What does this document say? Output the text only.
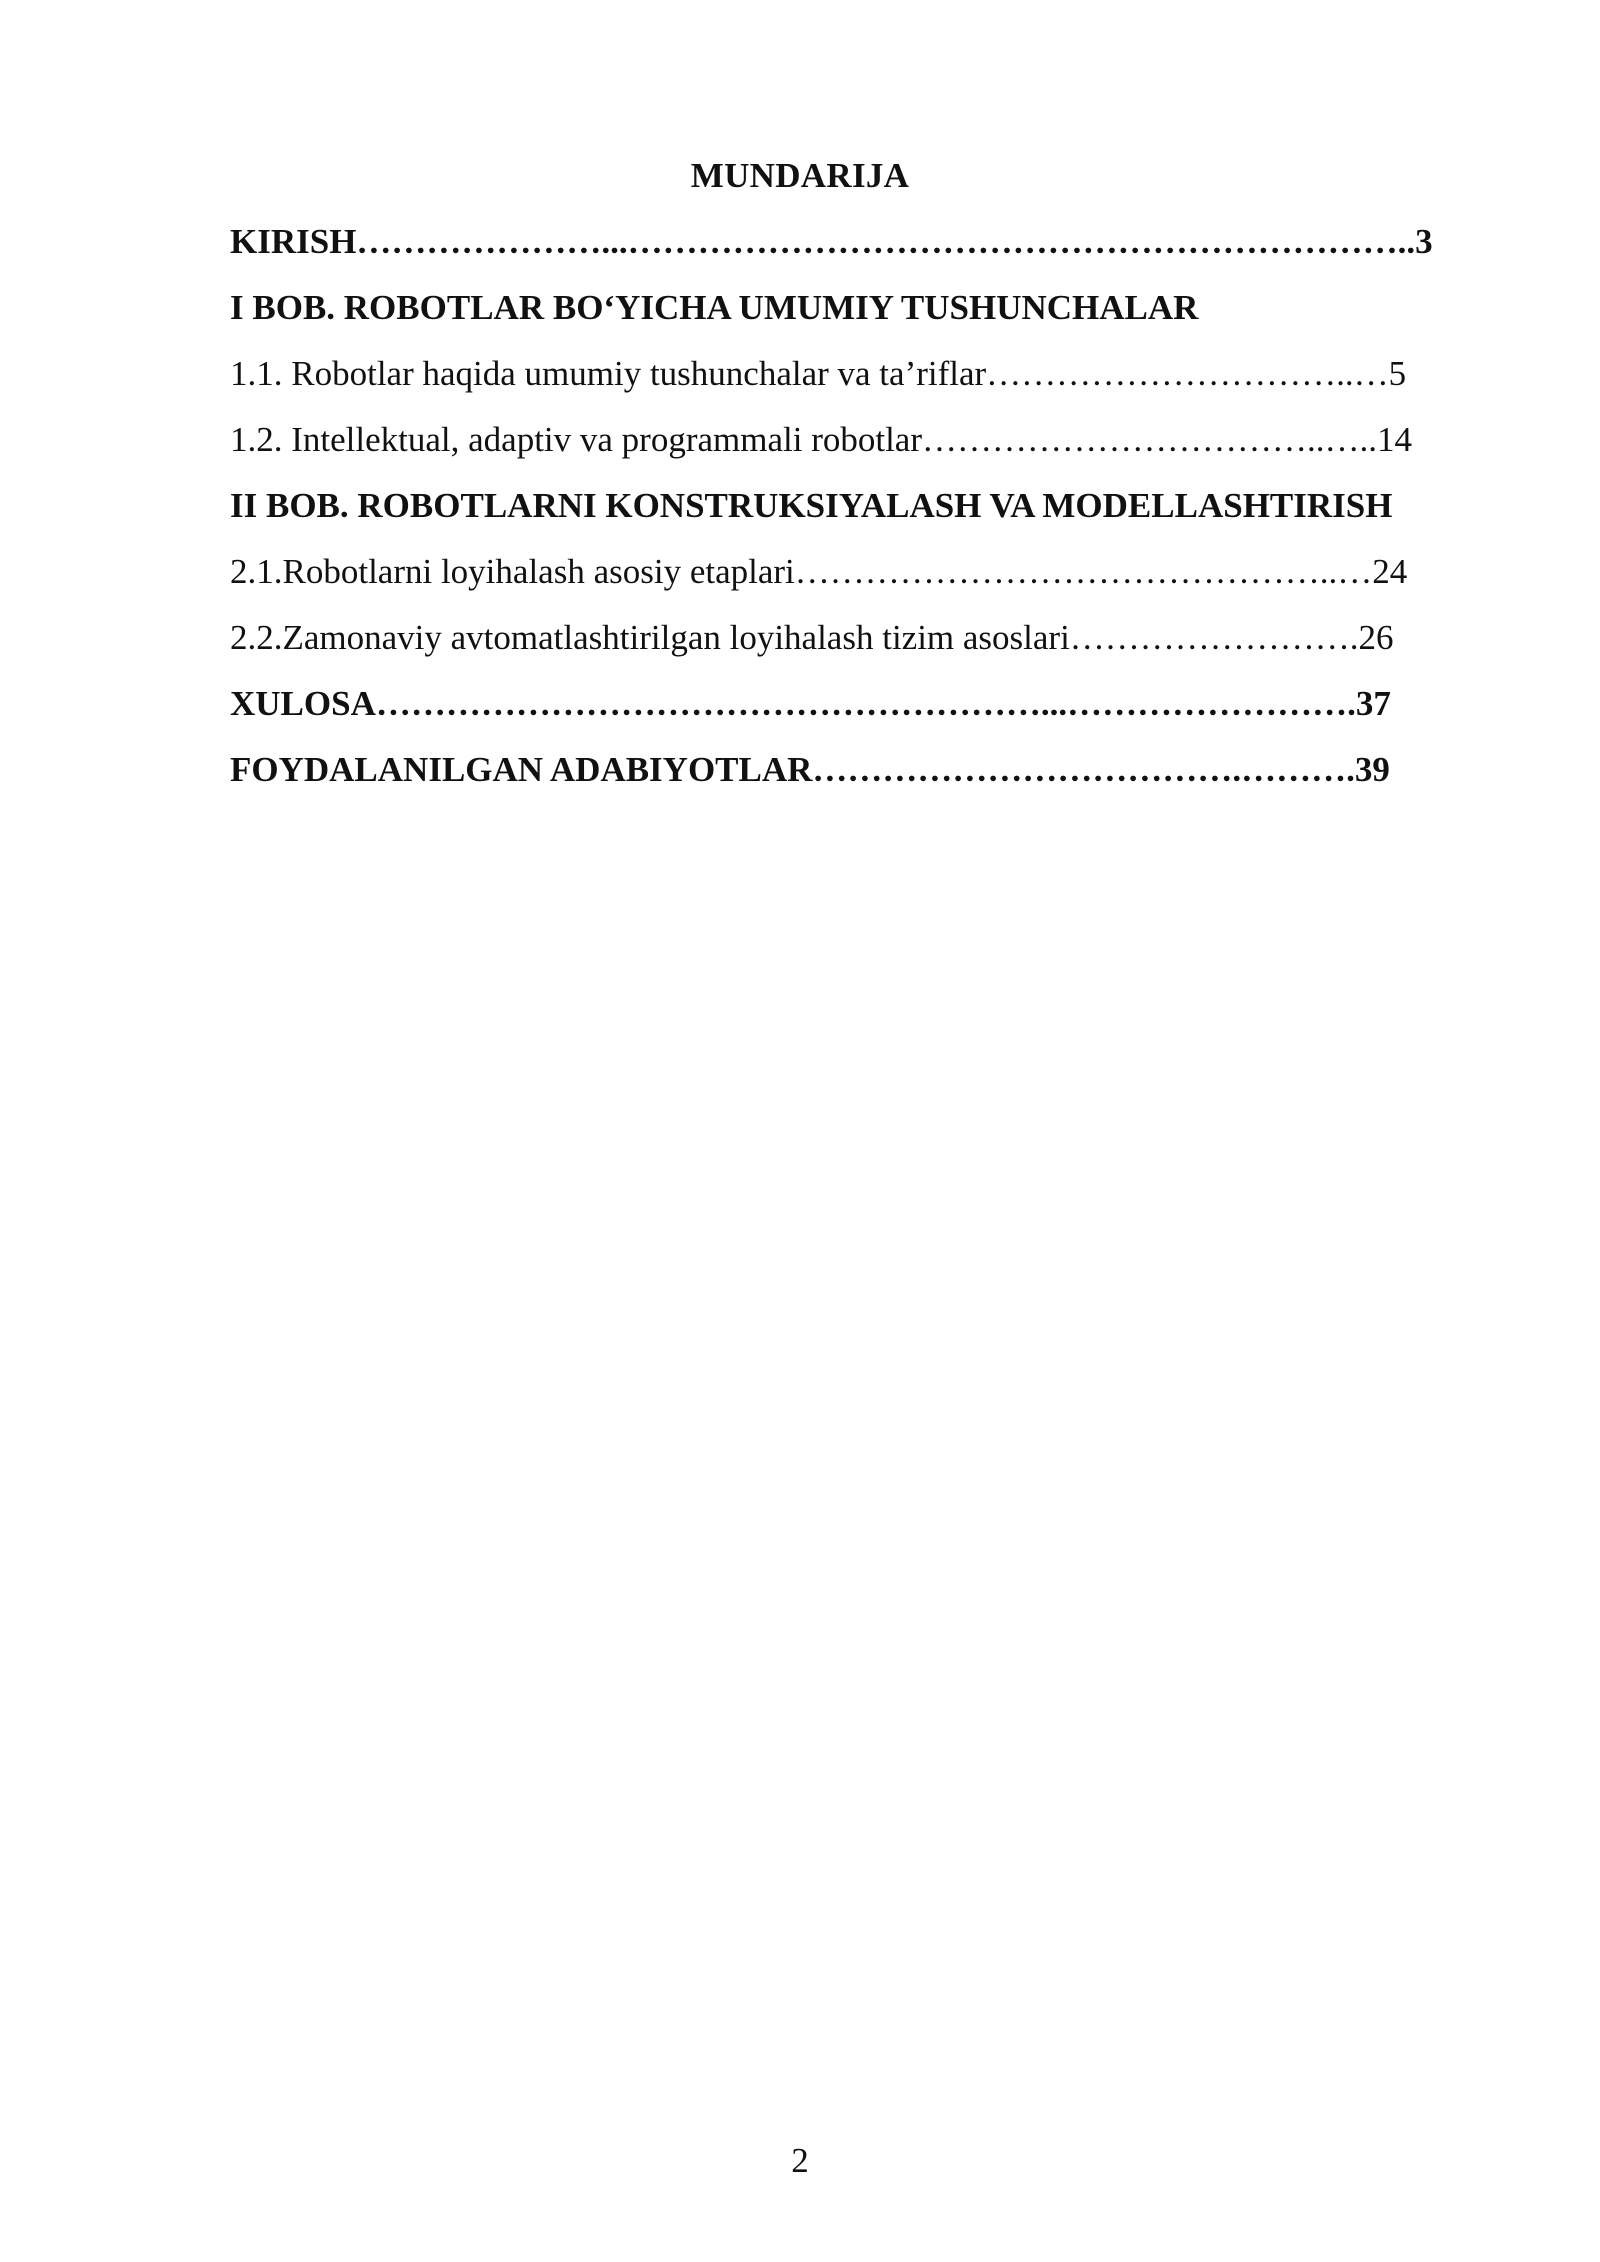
MUNDARIJA
KIRISH…………………...…………………………………………………………..3
I BOB. ROBOTLAR BO‘YICHA UMUMIY TUSHUNCHALAR
1.1. Robotlar haqida umumiy tushunchalar va ta’riflar…………………………..…5
1.2. Intellektual, adaptiv va programmali robotlar……………………………..…..14
II BOB. ROBOTLARNI KONSTRUKSIYALASH VA MODELLASHTIRISH
2.1.Robotlarni loyihalash asosiy etaplari………………………………………..…24
2.2.Zamonaviy avtomatlashtirilgan loyihalash tizim asoslari…………………….26
XULOSA…………………………………………………...…………………….37
FOYDALANILGAN ADABIYOTLAR……………………………….……….39
2
